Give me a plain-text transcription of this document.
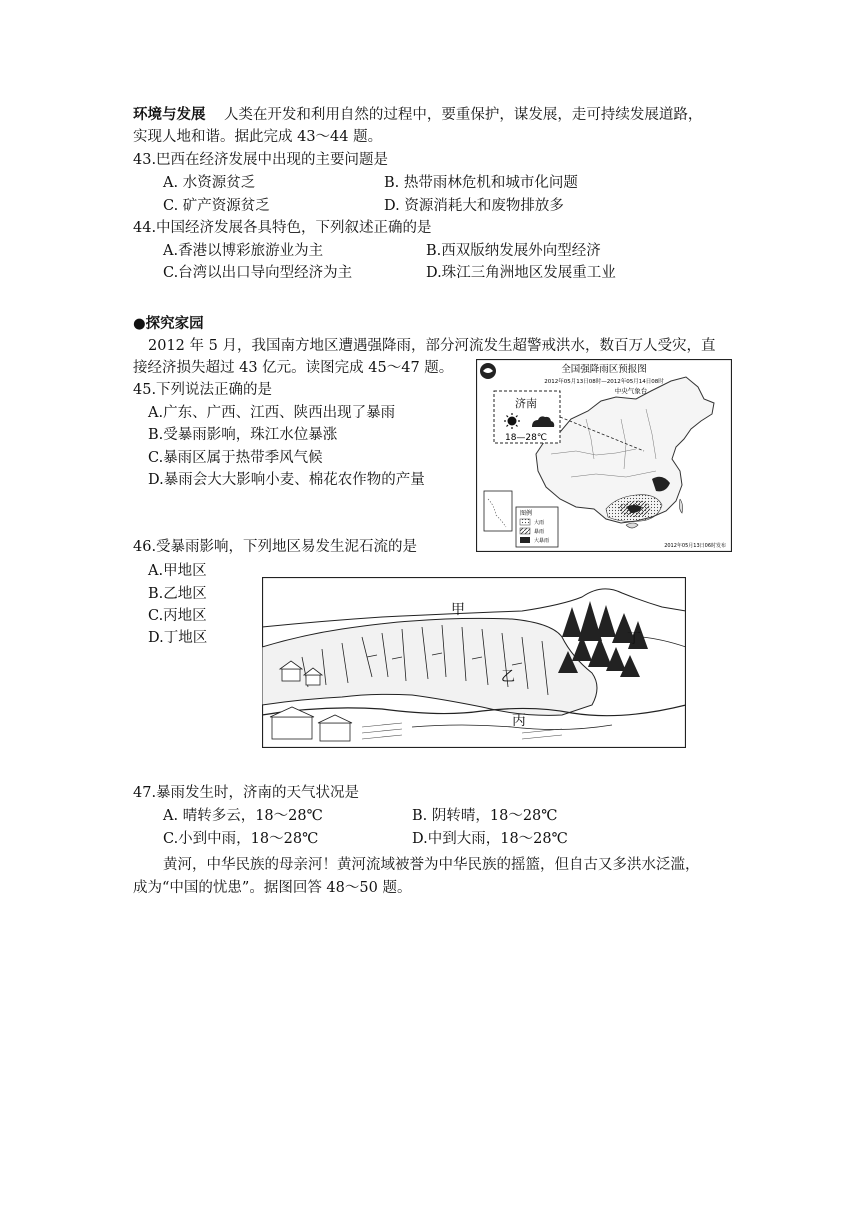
环境与发展 人类在开发和利用自然的过程中，要重保护，谋发展，走可持续发展道路，
实现人地和谐。据此完成 43～44 题。
43.巴西在经济发展中出现的主要问题是
A. 水资源贫乏	B. 热带雨林危机和城市化问题
C. 矿产资源贫乏	D. 资源消耗大和废物排放多
44.中国经济发展各具特色，下列叙述正确的是
A.香港以博彩旅游业为主	B.西双版纳发展外向型经济
C.台湾以出口导向型经济为主	D.珠江三角洲地区发展重工业
●探究家园
2012 年 5 月，我国南方地区遭遇强降雨，部分河流发生超警戒洪水，数百万人受灾，直
接经济损失超过 43 亿元。读图完成 45～47 题。
45.下列说法正确的是
A.广东、广西、江西、陕西出现了暴雨
B.受暴雨影响，珠江水位暴涨
C.暴雨区属于热带季风气候
D.暴雨会大大影响小麦、棉花农作物的产量
全国强降雨区预报图
2012年05月13日08时—2012年05月14日08时
中央气象台
济南
18—28℃
图例
大雨
暴雨
大暴雨
2012年05月13日06时发布
46.受暴雨影响，下列地区易发生泥石流的是
A.甲地区
B.乙地区
C.丙地区
D.丁地区
甲
乙
丙
丁
47.暴雨发生时，济南的天气状况是
A. 晴转多云，18～28℃	B. 阴转晴，18～28℃
C.小到中雨，18～28℃	D.中到大雨，18～28℃
黄河，中华民族的母亲河！黄河流域被誉为中华民族的摇篮，但自古又多洪水泛滥，
成为“中国的忧患”。据图回答 48～50 题。
